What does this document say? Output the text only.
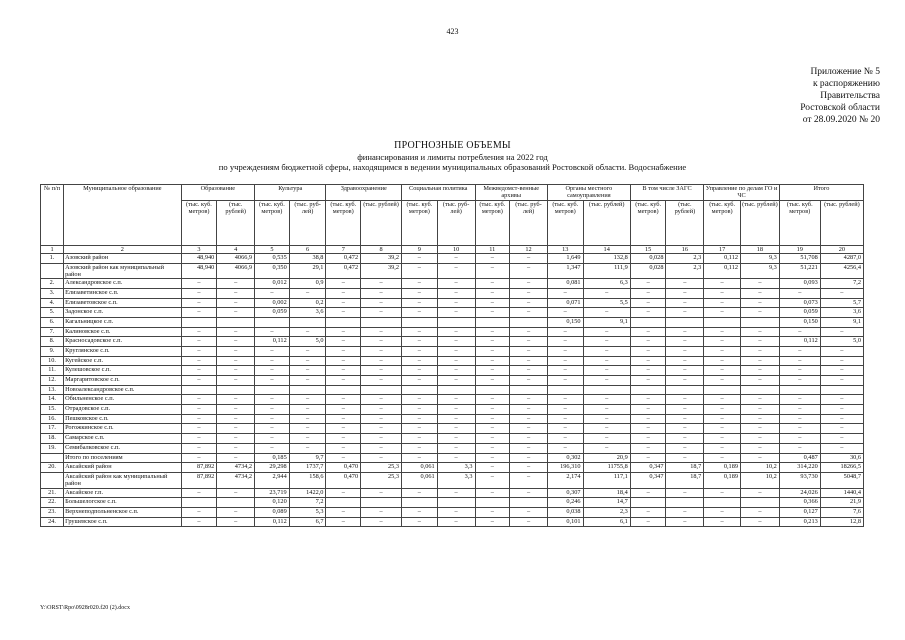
423
Приложение № 5
к распоряжению
Правительства
Ростовской области
от 28.09.2020 № 20
ПРОГНОЗНЫЕ ОБЪЕМЫ
финансирования и лимиты потребления на 2022 год
по учреждениям бюджетной сферы, находящимся в ведении муниципальных образований Ростовской области. Водоснабжение
№ п/п	Муниципальное образование	Образование		Культура		Здравоохранение		Социальная политика		Межведомст-венные архивы		Органы местного самоуправления		В том числе ЗАГС		Управление по делам ГО и ЧС		Итого	
		(тыс. куб. метров)	(тыс. рублей)	(тыс. куб. метров)	(тыс. руб-лей)	(тыс. куб. метров)	(тыс. рублей)	(тыс. куб. метров)	(тыс. руб-лей)	(тыс. куб. метров)	(тыс. руб-лей)	(тыс. куб. метров)	(тыс. рублей)	(тыс. куб. метров)	(тыс. рублей)	(тыс. куб. метров)	(тыс. рублей)	(тыс. куб. метров)	(тыс. рублей)
1	2	3	4	5	6	7	8	9	10	11	12	13	14	15	16	17	18	19	20
1.	Азовский район	48,940	4066,9	0,535	38,8	0,472	39,2	–	–	–	–	1,649	132,8	0,028	2,3	0,112	9,3	51,708	4287,0
	Азовский район как муниципальный район	48,940	4066,9	0,350	29,1	0,472	39,2	–	–	–	–	1,347	111,9	0,028	2,3	0,112	9,3	51,221	4256,4
2.	Александровское с.п.	–	–	0,012	0,9	–	–	–	–	–	–	0,081	6,3	–	–	–	–	0,093	7,2
3.	Елизаветинское с.п.	–	–	–	–	–	–	–	–	–	–	–	–	–	–	–	–	–	–
4.	Елизаветовское с.п.	–	–	0,002	0,2	–	–	–	–	–	–	0,071	5,5	–	–	–	–	0,073	5,7
5.	Задонское с.п.	–	–	0,059	3,6	–	–	–	–	–	–	–	–	–	–	–	–	0,059	3,6
6.	Кагальницкое с.п.											0,150	9,1					0,150	9,1
7.	Калиновское с.п.	–	–	–	–	–	–	–	–	–	–	–	–	–	–	–	–	–	–
8.	Красносадовское с.п.	–	–	0,112	5,0	–	–	–	–	–	–	–	–	–	–	–	–	0,112	5,0
9.	Круглянское с.п.	–	–	–	–	–	–	–	–	–	–	–	–	–	–	–	–	–	–
10.	Кугейское с.п.	–	–	–	–	–	–	–	–	–	–	–	–	–	–	–	–	–	–
11.	Кулешовское с.п.	–	–	–	–	–	–	–	–	–	–	–	–	–	–	–	–	–	–
12.	Маргаритовское с.п.	–	–	–	–	–	–	–	–	–	–	–	–	–	–	–	–	–	–
13.	Новоалександровское с.п.																		
14.	Обильненское с.п.	–	–	–	–	–	–	–	–	–	–	–	–	–	–	–	–	–	–
15.	Отрадовское с.п.	–	–	–	–	–	–	–	–	–	–	–	–	–	–	–	–	–	–
16.	Пешковское с.п.	–	–	–	–	–	–	–	–	–	–	–	–	–	–	–	–	–	–
17.	Рогожкинское с.п.	–	–	–	–	–	–	–	–	–	–	–	–	–	–	–	–	–	–
18.	Самарское с.п.	–	–	–	–	–	–	–	–	–	–	–	–	–	–	–	–	–	–
19.	Семибалковское с.п.	–	–	–	–	–	–	–	–	–	–	–	–	–	–	–	–	–	–
	Итого по поселениям	–	–	0,185	9,7	–	–	–	–	–	–	0,302	20,9	–	–	–	–	0,487	30,6
20.	Аксайский район	87,892	4734,2	29,298	1737,7	0,470	25,3	0,061	3,3	–	–	196,310	11755,8	0,347	18,7	0,189	10,2	314,220	18266,5
	Аксайский район как муниципальный район	87,892	4734,2	2,944	158,6	0,470	25,3	0,061	3,3	–	–	2,174	117,1	0,347	18,7	0,189	10,2	93,730	5048,7
21.	Аксайское г.п.	–	–	23,719	1422,0	–	–	–	–	–	–	0,307	18,4	–	–	–	–	24,026	1440,4
22.	Большелогское с.п.			0,120	7,2							0,246	14,7					0,366	21,9
23.	Верхнеподпольненское с.п.	–	–	0,089	5,3	–	–	–	–	–	–	0,038	2,3	–	–	–	–	0,127	7,6
24.	Грушевское с.п.	–	–	0,112	6,7	–	–	–	–	–	–	0,101	6,1	–	–	–	–	0,213	12,8
Y:\ORST\Rpo\0928r020.f20 (2).docx
